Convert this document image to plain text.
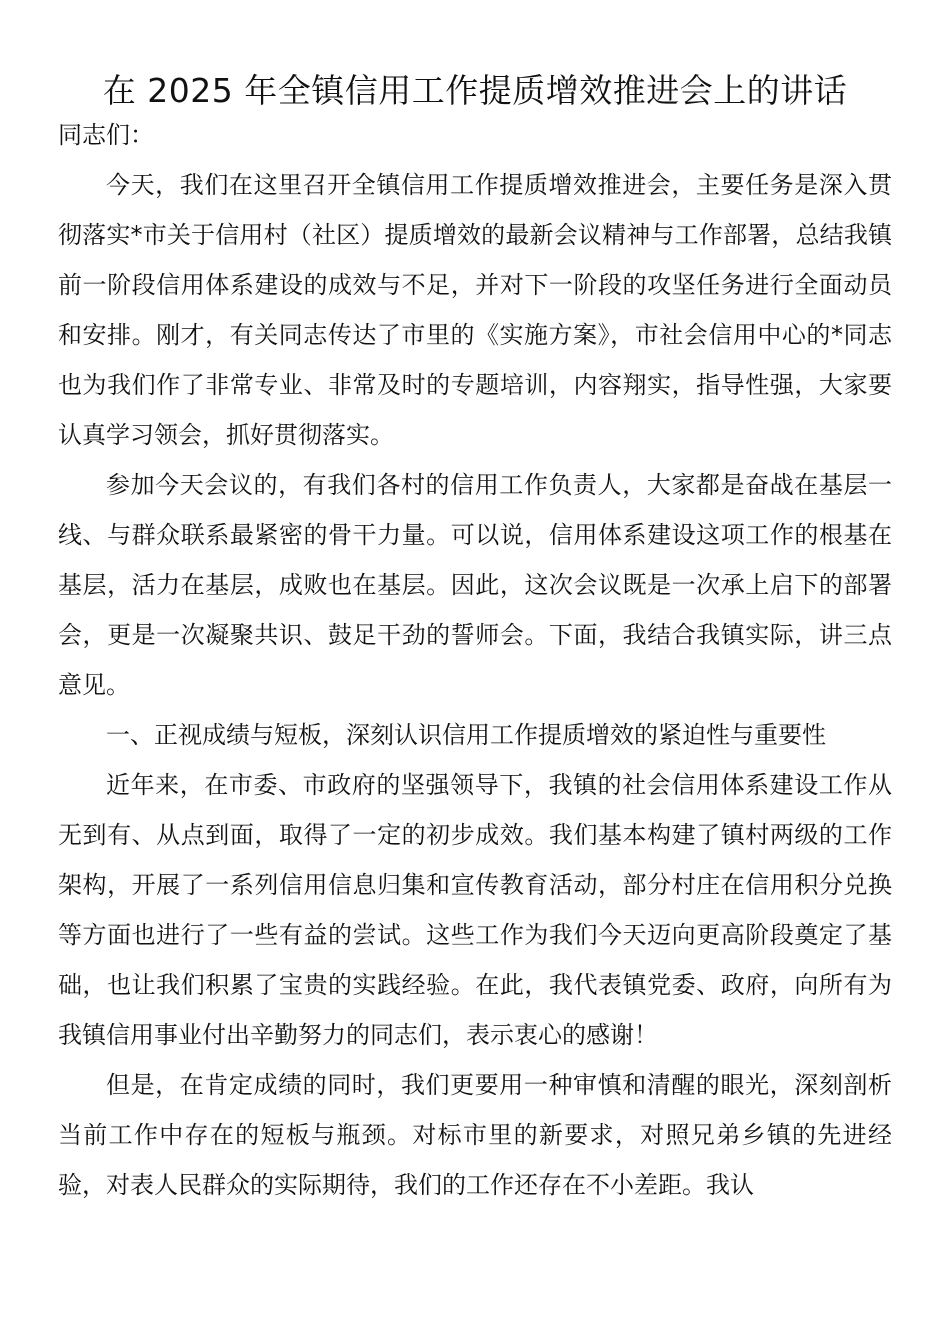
在 2025 年全镇信用工作提质增效推进会上的讲话

同志们：

今天，我们在这里召开全镇信用工作提质增效推进会，主要任务是深入贯彻落实*市关于信用村（社区）提质增效的最新会议精神与工作部署，总结我镇前一阶段信用体系建设的成效与不足，并对下一阶段的攻坚任务进行全面动员和安排。刚才，有关同志传达了市里的《实施方案》，市社会信用中心的*同志也为我们作了非常专业、非常及时的专题培训，内容翔实，指导性强，大家要认真学习领会，抓好贯彻落实。

参加今天会议的，有我们各村的信用工作负责人，大家都是奋战在基层一线、与群众联系最紧密的骨干力量。可以说，信用体系建设这项工作的根基在基层，活力在基层，成败也在基层。因此，这次会议既是一次承上启下的部署会，更是一次凝聚共识、鼓足干劲的誓师会。下面，我结合我镇实际，讲三点意见。

一、正视成绩与短板，深刻认识信用工作提质增效的紧迫性与重要性

近年来，在市委、市政府的坚强领导下，我镇的社会信用体系建设工作从无到有、从点到面，取得了一定的初步成效。我们基本构建了镇村两级的工作架构，开展了一系列信用信息归集和宣传教育活动，部分村庄在信用积分兑换等方面也进行了一些有益的尝试。这些工作为我们今天迈向更高阶段奠定了基础，也让我们积累了宝贵的实践经验。在此，我代表镇党委、政府，向所有为我镇信用事业付出辛勤努力的同志们，表示衷心的感谢！

但是，在肯定成绩的同时，我们更要用一种审慎和清醒的眼光，深刻剖析当前工作中存在的短板与瓶颈。对标市里的新要求，对照兄弟乡镇的先进经验，对表人民群众的实际期待，我们的工作还存在不小差距。我认
